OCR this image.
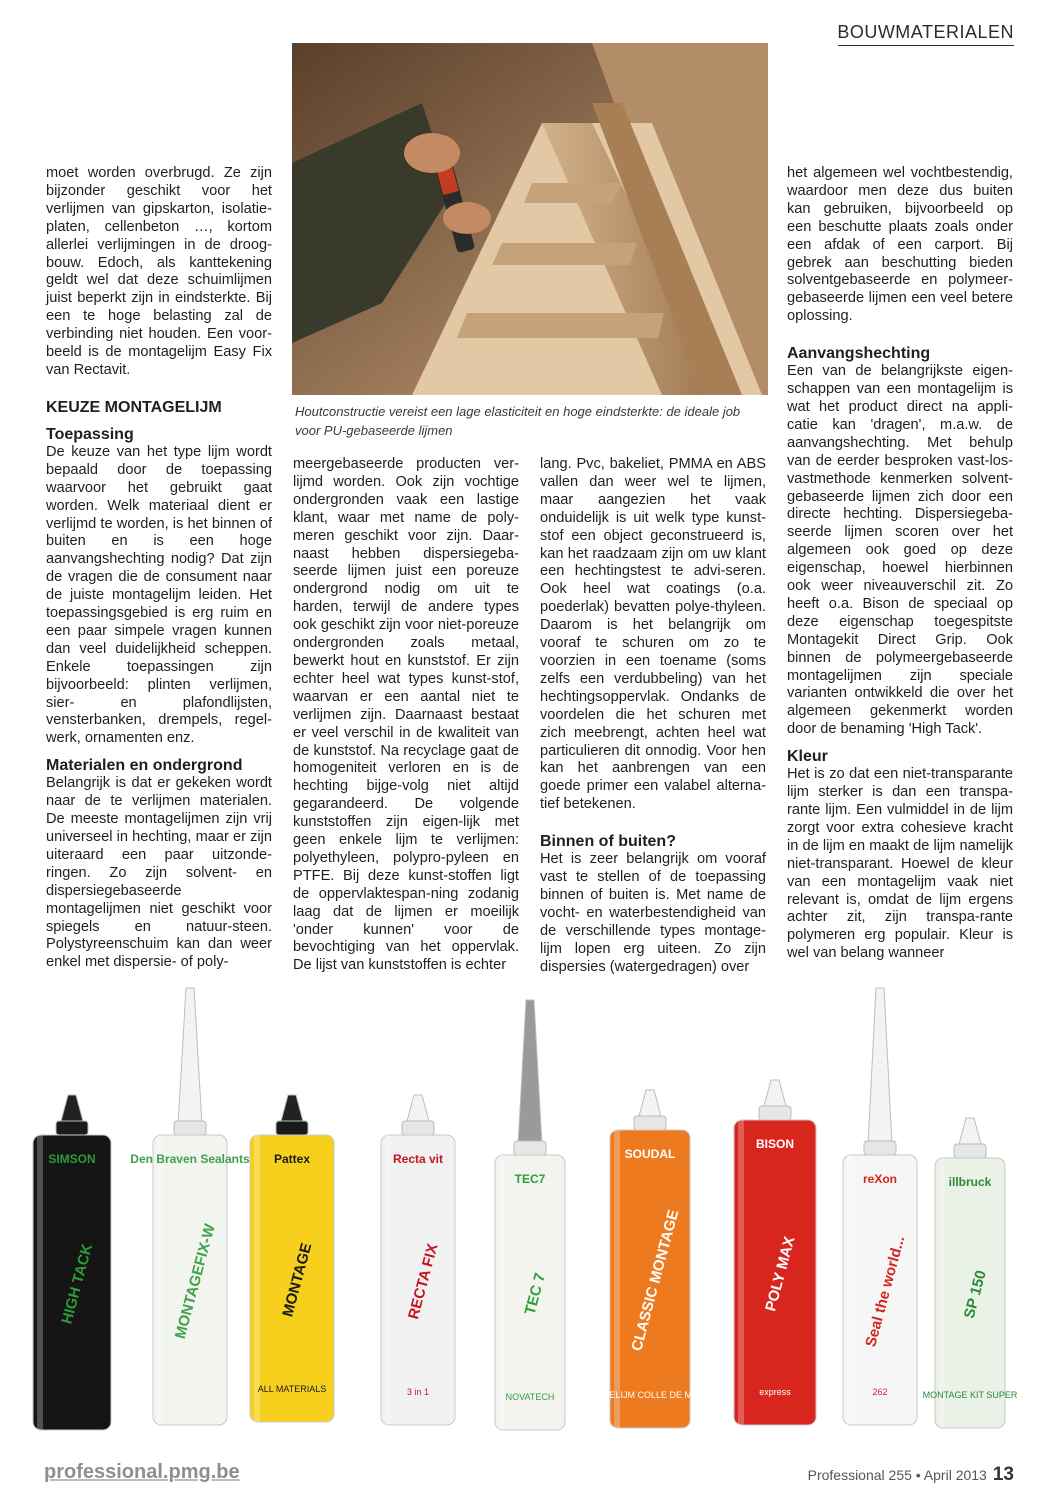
BOUWMATERIALEN
Houtconstructie vereist een lage elasticiteit en hoge eindsterkte: de ideale job voor PU-gebaseerde lijmen

moet worden overbrugd. Ze zijn bijzonder geschikt voor het verlijmen van gipskarton, isolatie-platen, cellenbeton …, kortom allerlei verlijmingen in de droog-bouw. Edoch, als kanttekening geldt wel dat deze schuimlijmen juist beperkt zijn in eindsterkte. Bij een te hoge belasting zal de verbinding niet houden. Een voor-beeld is de montagelijm Easy Fix van Rectavit.

KEUZE MONTAGELIJM
Toepassing

De keuze van het type lijm wordt bepaald door de toepassing waarvoor het gebruikt gaat worden. Welk materiaal dient er verlijmd te worden, is het binnen of buiten en is een hoge aanvangshechting nodig? Dat zijn de vragen die de consument naar de juiste montagelijm leiden. Het toepassingsgebied is erg ruim en een paar simpele vragen kunnen dan veel duidelijkheid scheppen. Enkele toepassingen zijn bijvoorbeeld: plinten verlijmen, sier- en plafondlijsten, vensterbanken, drempels, regel-werk, ornamenten enz.

Materialen en ondergrond

Belangrijk is dat er gekeken wordt naar de te verlijmen materialen. De meeste montagelijmen zijn vrij universeel in hechting, maar er zijn uiteraard een paar uitzonde-ringen. Zo zijn solvent- en dispersiegebaseerde montagelijmen niet geschikt voor spiegels en natuur-steen. Polystyreenschuim kan dan weer enkel met dispersie- of poly-

meergebaseerde producten ver-lijmd worden. Ook zijn vochtige ondergronden vaak een lastige klant, waar met name de poly-meren geschikt voor zijn. Daar-naast hebben dispersiegeba-seerde lijmen juist een poreuze ondergrond nodig om uit te harden, terwijl de andere types ook geschikt zijn voor niet-poreuze ondergronden zoals metaal, bewerkt hout en kunststof. Er zijn echter heel wat types kunst-stof, waarvan er een aantal niet te verlijmen zijn. Daarnaast bestaat er veel verschil in de kwaliteit van de kunststof. Na recyclage gaat de homogeniteit verloren en is de hechting bijge-volg niet altijd gegarandeerd. De volgende kunststoffen zijn eigen-lijk met geen enkele lijm te verlijmen: polyethyleen, polypro-pyleen en PTFE. Bij deze kunst-stoffen ligt de oppervlaktespan-ning zodanig laag dat de lijmen er moeilijk 'onder kunnen' voor de bevochtiging van het oppervlak. De lijst van kunststoffen is echter

lang. Pvc, bakeliet, PMMA en ABS vallen dan weer wel te lijmen, maar aangezien het vaak onduidelijk is uit welk type kunst-stof een object geconstrueerd is, kan het raadzaam zijn om uw klant een hechtingstest te advi-seren. Ook heel wat coatings (o.a. poederlak) bevatten polye-thyleen. Daarom is het belangrijk om vooraf te schuren om zo te voorzien in een toename (soms zelfs een verdubbeling) van het hechtingsoppervlak. Ondanks de voordelen die het schuren met zich meebrengt, achten heel wat particulieren dit onnodig. Voor hen kan het aanbrengen van een goede primer een valabel alterna-tief betekenen.

Binnen of buiten?

Het is zeer belangrijk om vooraf vast te stellen of de toepassing binnen of buiten is. Met name de vocht- en waterbestendigheid van de verschillende types montage-lijm lopen erg uiteen. Zo zijn dispersies (watergedragen) over

het algemeen wel vochtbestendig, waardoor men deze dus buiten kan gebruiken, bijvoorbeeld op een beschutte plaats zoals onder een afdak of een carport. Bij gebrek aan beschutting bieden solventgebaseerde en polymeer-gebaseerde lijmen een veel betere oplossing.

Aanvangshechting

Een van de belangrijkste eigen-schappen van een montagelijm is wat het product direct na appli-catie kan 'dragen', m.a.w. de aanvangshechting. Met behulp van de eerder besproken vast-los-vastmethode kenmerken solvent-gebaseerde lijmen zich door een directe hechting. Dispersiegeba-seerde lijmen scoren over het algemeen ook goed op deze eigenschap, hoewel hierbinnen ook weer niveauverschil zit. Zo heeft o.a. Bison de speciaal op deze eigenschap toegespitste Montagekit Direct Grip. Ook binnen de polymeergebaseerde montagelijmen zijn speciale varianten ontwikkeld die over het algemeen gekenmerkt worden door de benaming 'High Tack'.

Kleur

Het is zo dat een niet-transparante lijm sterker is dan een transpa-rante lijm. Een vulmiddel in de lijm zorgt voor extra cohesieve kracht in de lijm en maakt de lijm namelijk niet-transparant. Hoewel de kleur van een montagelijm vaak niet relevant is, omdat de lijm ergens achter zit, zijn transpa-rante polymeren erg populair. Kleur is wel van belang wanneer

SIMSON
HIGH TACK
Den Braven Sealants
MONTAGEFIX-W
Pattex
MONTAGE
ALL MATERIALS
Recta vit
RECTA FIX
3 in 1
TEC7
TEC 7
NOVATECH
SOUDAL
CLASSIC MONTAGE
MONTAGELIJM COLLE DE MONTAGE
BISON
POLY MAX
express
reXon
Seal the world...
262
illbruck
SP 150
MONTAGE KIT SUPER
professional.pmg.be	Professional 255 • April 2013 13
